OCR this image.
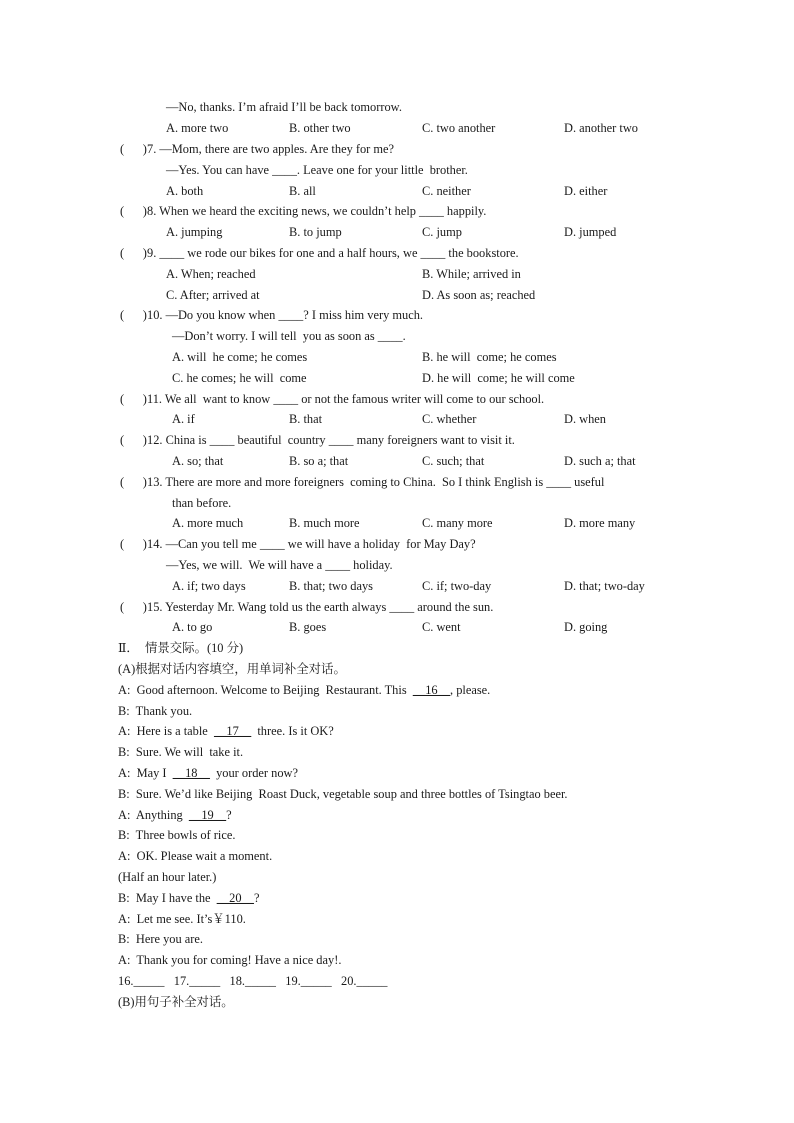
—No, thanks. I’m afraid I’ll be back tomorrow.
A. more two	B. other two	C. two another	D. another two
(      ) 7. —Mom, there are two apples. Are they for me?
—Yes. You can have ____. Leave one for your little  brother.
A. both	B. all	C. neither	D. either
(      ) 8. When we heard the exciting news, we couldn’t help ____ happily.
A. jumping	B. to jump	C. jump	D. jumped
(      ) 9. ____ we rode our bikes for one and a half hours, we ____ the bookstore.
A. When; reached	B. While; arrived in
C. After; arrived at	D. As soon as; reached
(      ) 10. —Do you know when ____? I miss him very much.
—Don’t worry. I will tell  you as soon as ____.
A. will  he come; he comes	B. he will  come; he comes
C. he comes; he will  come	D. he will  come; he will come
(      ) 11. We all  want to know ____ or not the famous writer will come to our school.
A. if	B. that	C. whether	D. when
(      ) 12. China is ____ beautiful  country ____ many foreigners want to visit it.
A. so; that	B. so a; that	C. such; that	D. such a; that
(      ) 13. There are more and more foreigners  coming to China.  So I think English is ____ useful
than before.
A. more much	B. much more	C. many more	D. more many
(      ) 14. —Can you tell me ____ we will have a holiday  for May Day?
—Yes, we will.  We will have a ____ holiday.
A. if; two days	B. that; two days	C. if; two-day	D. that; two-day
(      ) 15. Yesterday Mr. Wang told us the earth always ____ around the sun.
A. to go	B. goes	C. went	D. going
Ⅱ．  情景交际。(10 分)
(A)根据对话内容填空，用单词补全对话。
A:  Good afternoon. Welcome to Beijing  Restaurant. This  __16__, please.
B:  Thank you.
A:  Here is a table  __17__  three. Is it OK?
B:  Sure. We will  take it.
A:  May I  __18__  your order now?
B:  Sure. We’d like Beijing  Roast Duck, vegetable soup and three bottles of Tsingtao beer.
A:  Anything  __19__?
B:  Three bowls of rice.
A:  OK. Please wait a moment.
(Half an hour later.)
B:  May I have the  __20__?
A:  Let me see. It’s￥110.
B:  Here you are.
A:  Thank you for coming! Have a nice day!.
16._____   17._____   18._____   19._____   20._____
(B)用句子补全对话。
